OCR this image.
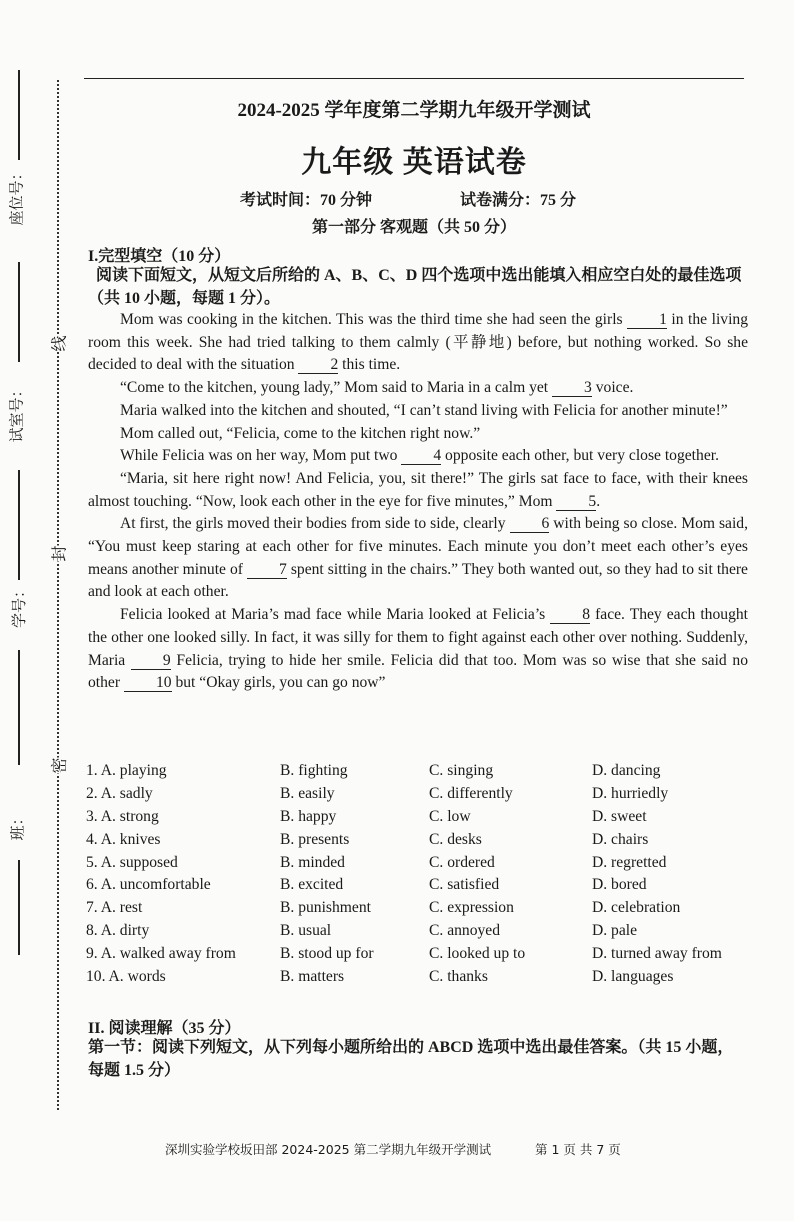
座位号：
试室号：
学号：
班：
线
封
密
2024-2025 学年度第二学期九年级开学测试
九年级 英语试卷
考试时间：70 分钟	试卷满分：75 分
第一部分 客观题（共 50 分）
I.完型填空（10 分）
阅读下面短文，从短文后所给的 A、B、C、D 四个选项中选出能填入相应空白处的最佳选项（共 10 小题，每题 1 分）。

Mom was cooking in the kitchen. This was the third time she had seen the girls 1 in the living room this week. She had tried talking to them calmly (平静地) before, but nothing worked. So she decided to deal with the situation 2 this time.

“Come to the kitchen, young lady,” Mom said to Maria in a calm yet 3 voice.

Maria walked into the kitchen and shouted, “I can’t stand living with Felicia for another minute!”

Mom called out, “Felicia, come to the kitchen right now.”

While Felicia was on her way, Mom put two 4 opposite each other, but very close together.

“Maria, sit here right now! And Felicia, you, sit there!” The girls sat face to face, with their knees almost touching. “Now, look each other in the eye for five minutes,” Mom 5.

At first, the girls moved their bodies from side to side, clearly 6 with being so close. Mom said, “You must keep staring at each other for five minutes. Each minute you don’t meet each other’s eyes means another minute of 7 spent sitting in the chairs.” They both wanted out, so they had to sit there and look at each other.

Felicia looked at Maria’s mad face while Maria looked at Felicia’s 8 face. They each thought the other one looked silly. In fact, it was silly for them to fight against each other over nothing. Suddenly, Maria 9 Felicia, trying to hide her smile. Felicia did that too. Mom was so wise that she said no other 10 but “Okay girls, you can go now”

1. A. playing	B. fighting	C. singing	D. dancing
2. A. sadly	B. easily	C. differently	D. hurriedly
3. A. strong	B. happy	C. low	D. sweet
4. A. knives	B. presents	C. desks	D. chairs
5. A. supposed	B. minded	C. ordered	D. regretted
6. A. uncomfortable	B. excited	C. satisfied	D. bored
7. A. rest	B. punishment	C. expression	D. celebration
8. A. dirty	B. usual	C. annoyed	D. pale
9. A. walked away from	B. stood up for	C. looked up to	D. turned away from
10. A. words	B. matters	C. thanks	D. languages
II. 阅读理解（35 分）
第一节：阅读下列短文，从下列每小题所给出的 ABCD 选项中选出最佳答案。（共 15 小题，每题 1.5 分）
深圳实验学校坂田部 2024-2025 第二学期九年级开学测试	第 1 页 共 7 页
